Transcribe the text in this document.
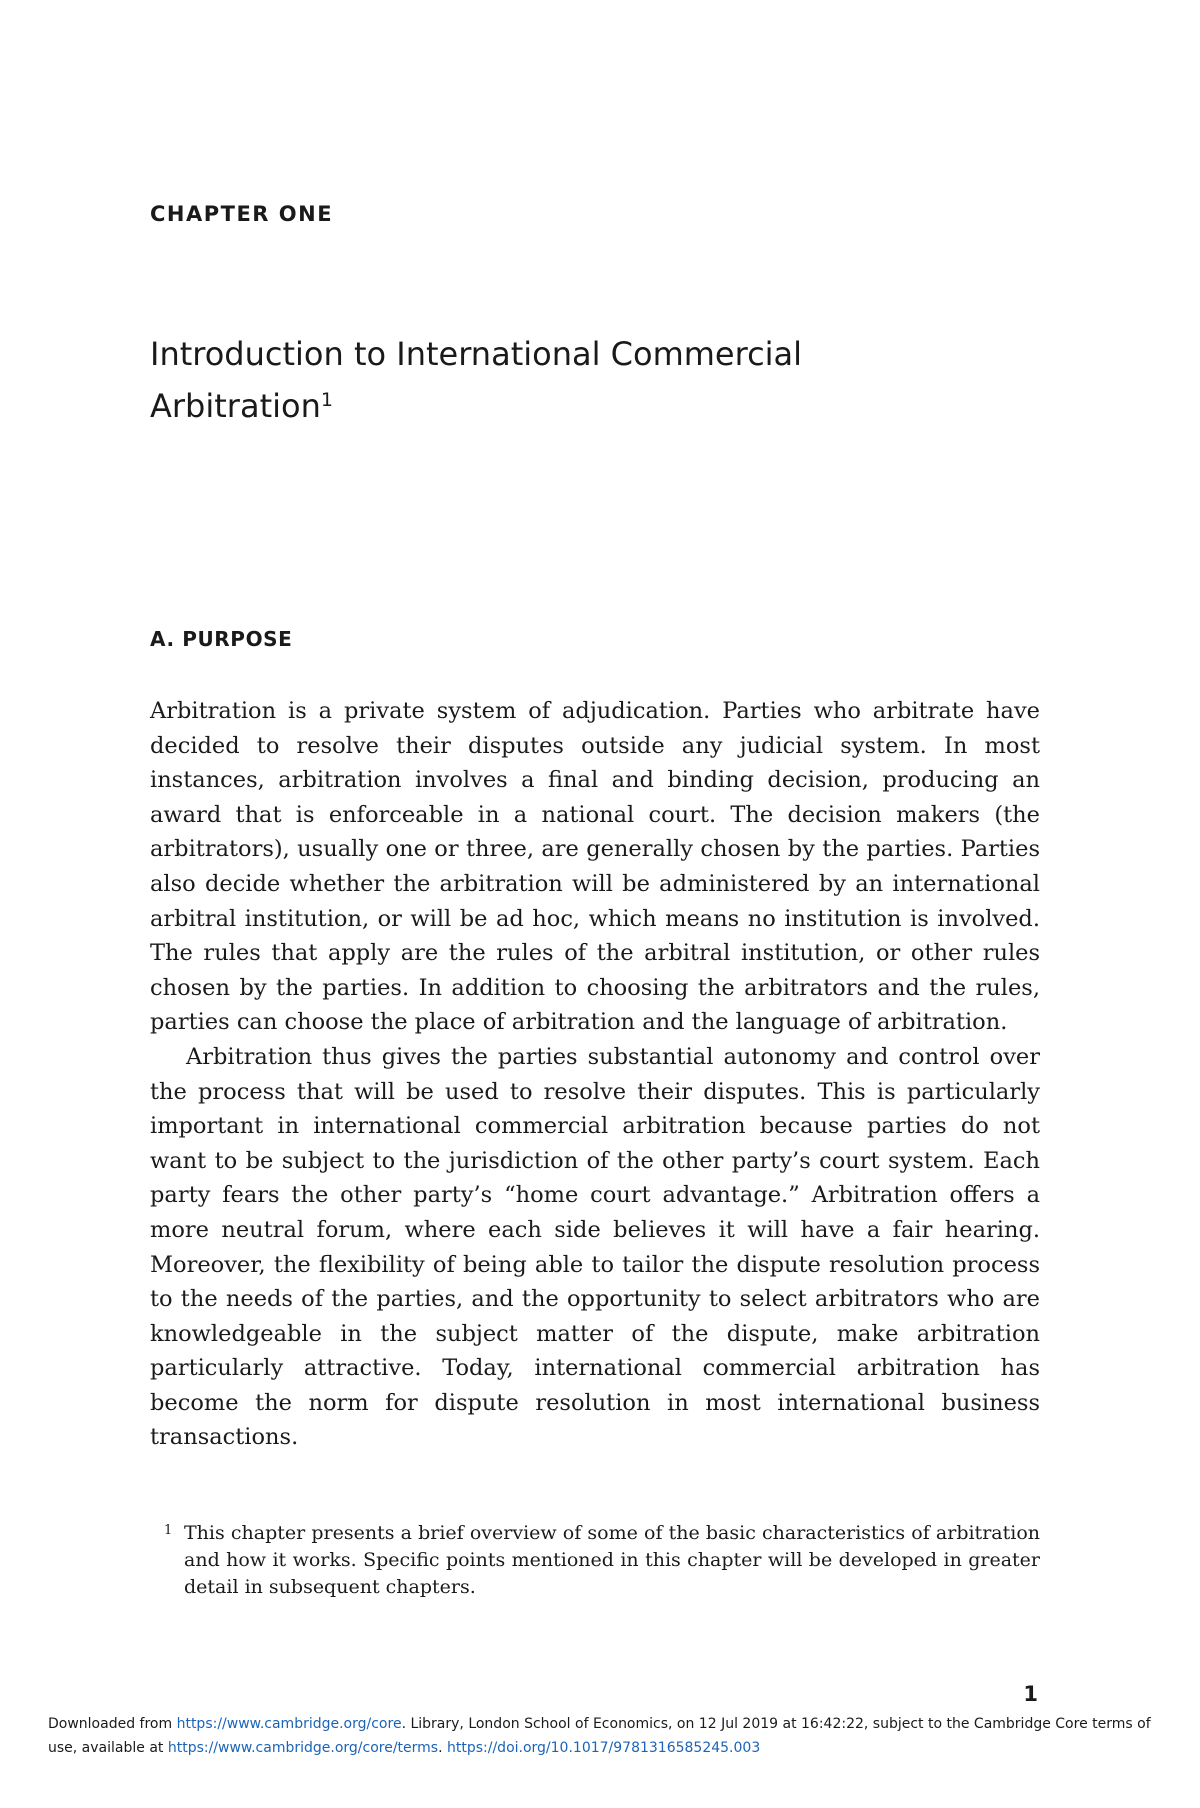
CHAPTER ONE
Introduction to International Commercial
Arbitration$^1$
A. PURPOSE

Arbitration is a private system of adjudication. Parties who arbitrate have decided to resolve their disputes outside any judicial system. In most instances, arbitration involves a final and binding decision, producing an award that is enforceable in a national court. The decision makers (the arbitrators), usually one or three, are generally chosen by the parties. Parties also decide whether the arbitration will be administered by an international arbitral institution, or will be ad hoc, which means no institution is involved. The rules that apply are the rules of the arbitral institution, or other rules chosen by the parties. In addition to choosing the arbitrators and the rules, parties can choose the place of arbitration and the language of arbitration.

Arbitration thus gives the parties substantial autonomy and control over the process that will be used to resolve their disputes. This is particularly important in international commercial arbitration because parties do not want to be subject to the jurisdiction of the other party’s court system. Each party fears the other party’s “home court advantage.” Arbitration offers a more neutral forum, where each side believes it will have a fair hearing. Moreover, the flexibility of being able to tailor the dispute resolution process to the needs of the parties, and the opportunity to select arbitrators who are knowledgeable in the subject matter of the dispute, make arbitration particularly attractive. Today, international commercial arbitration has become the norm for dispute resolution in most international business transactions.

1 This chapter presents a brief overview of some of the basic characteristics of arbitration and how it works. Specific points mentioned in this chapter will be developed in greater detail in subsequent chapters.

1
Downloaded from https://www.cambridge.org/core. Library, London School of Economics, on 12 Jul 2019 at 16:42:22, subject to the Cambridge Core terms of use, available at https://www.cambridge.org/core/terms. https://doi.org/10.1017/9781316585245.003
